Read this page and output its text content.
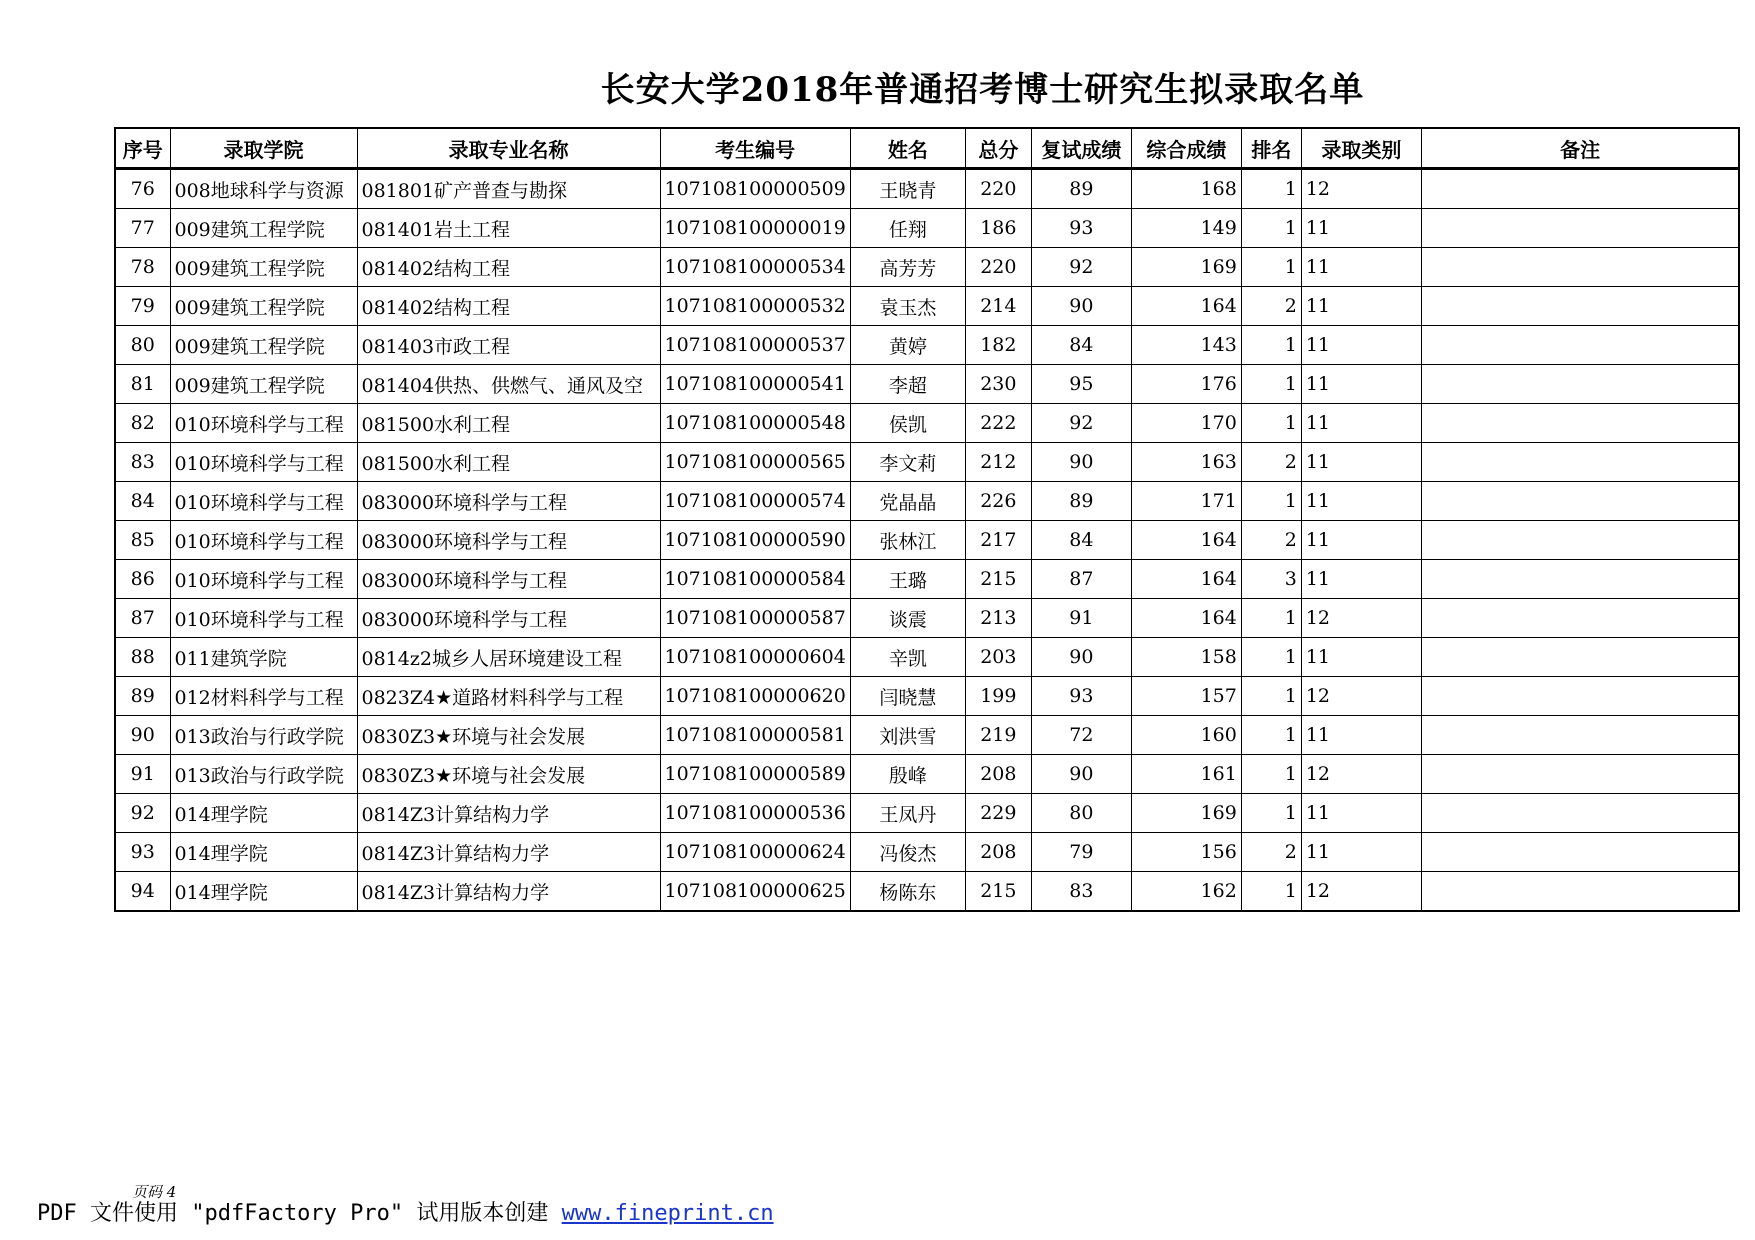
长安大学2018年普通招考博士研究生拟录取名单
序号	录取学院	录取专业名称	考生编号	姓名	总分	复试成绩	综合成绩	排名	录取类别	备注
76	008地球科学与资源	081801矿产普查与勘探	107108100000509	王晓青	220	89	168	1	12	
77	009建筑工程学院	081401岩土工程	107108100000019	任翔	186	93	149	1	11	
78	009建筑工程学院	081402结构工程	107108100000534	高芳芳	220	92	169	1	11	
79	009建筑工程学院	081402结构工程	107108100000532	袁玉杰	214	90	164	2	11	
80	009建筑工程学院	081403市政工程	107108100000537	黄婷	182	84	143	1	11	
81	009建筑工程学院	081404供热、供燃气、通风及空	107108100000541	李超	230	95	176	1	11	
82	010环境科学与工程	081500水利工程	107108100000548	侯凯	222	92	170	1	11	
83	010环境科学与工程	081500水利工程	107108100000565	李文莉	212	90	163	2	11	
84	010环境科学与工程	083000环境科学与工程	107108100000574	党晶晶	226	89	171	1	11	
85	010环境科学与工程	083000环境科学与工程	107108100000590	张林江	217	84	164	2	11	
86	010环境科学与工程	083000环境科学与工程	107108100000584	王璐	215	87	164	3	11	
87	010环境科学与工程	083000环境科学与工程	107108100000587	谈震	213	91	164	1	12	
88	011建筑学院	0814z2城乡人居环境建设工程	107108100000604	辛凯	203	90	158	1	11	
89	012材料科学与工程	0823Z4★道路材料科学与工程	107108100000620	闫晓慧	199	93	157	1	12	
90	013政治与行政学院	0830Z3★环境与社会发展	107108100000581	刘洪雪	219	72	160	1	11	
91	013政治与行政学院	0830Z3★环境与社会发展	107108100000589	殷峰	208	90	161	1	12	
92	014理学院	0814Z3计算结构力学	107108100000536	王凤丹	229	80	169	1	11	
93	014理学院	0814Z3计算结构力学	107108100000624	冯俊杰	208	79	156	2	11	
94	014理学院	0814Z3计算结构力学	107108100000625	杨陈东	215	83	162	1	12	
页码 4
PDF 文件使用 "pdfFactory Pro" 试用版本创建 www.fineprint.cn
